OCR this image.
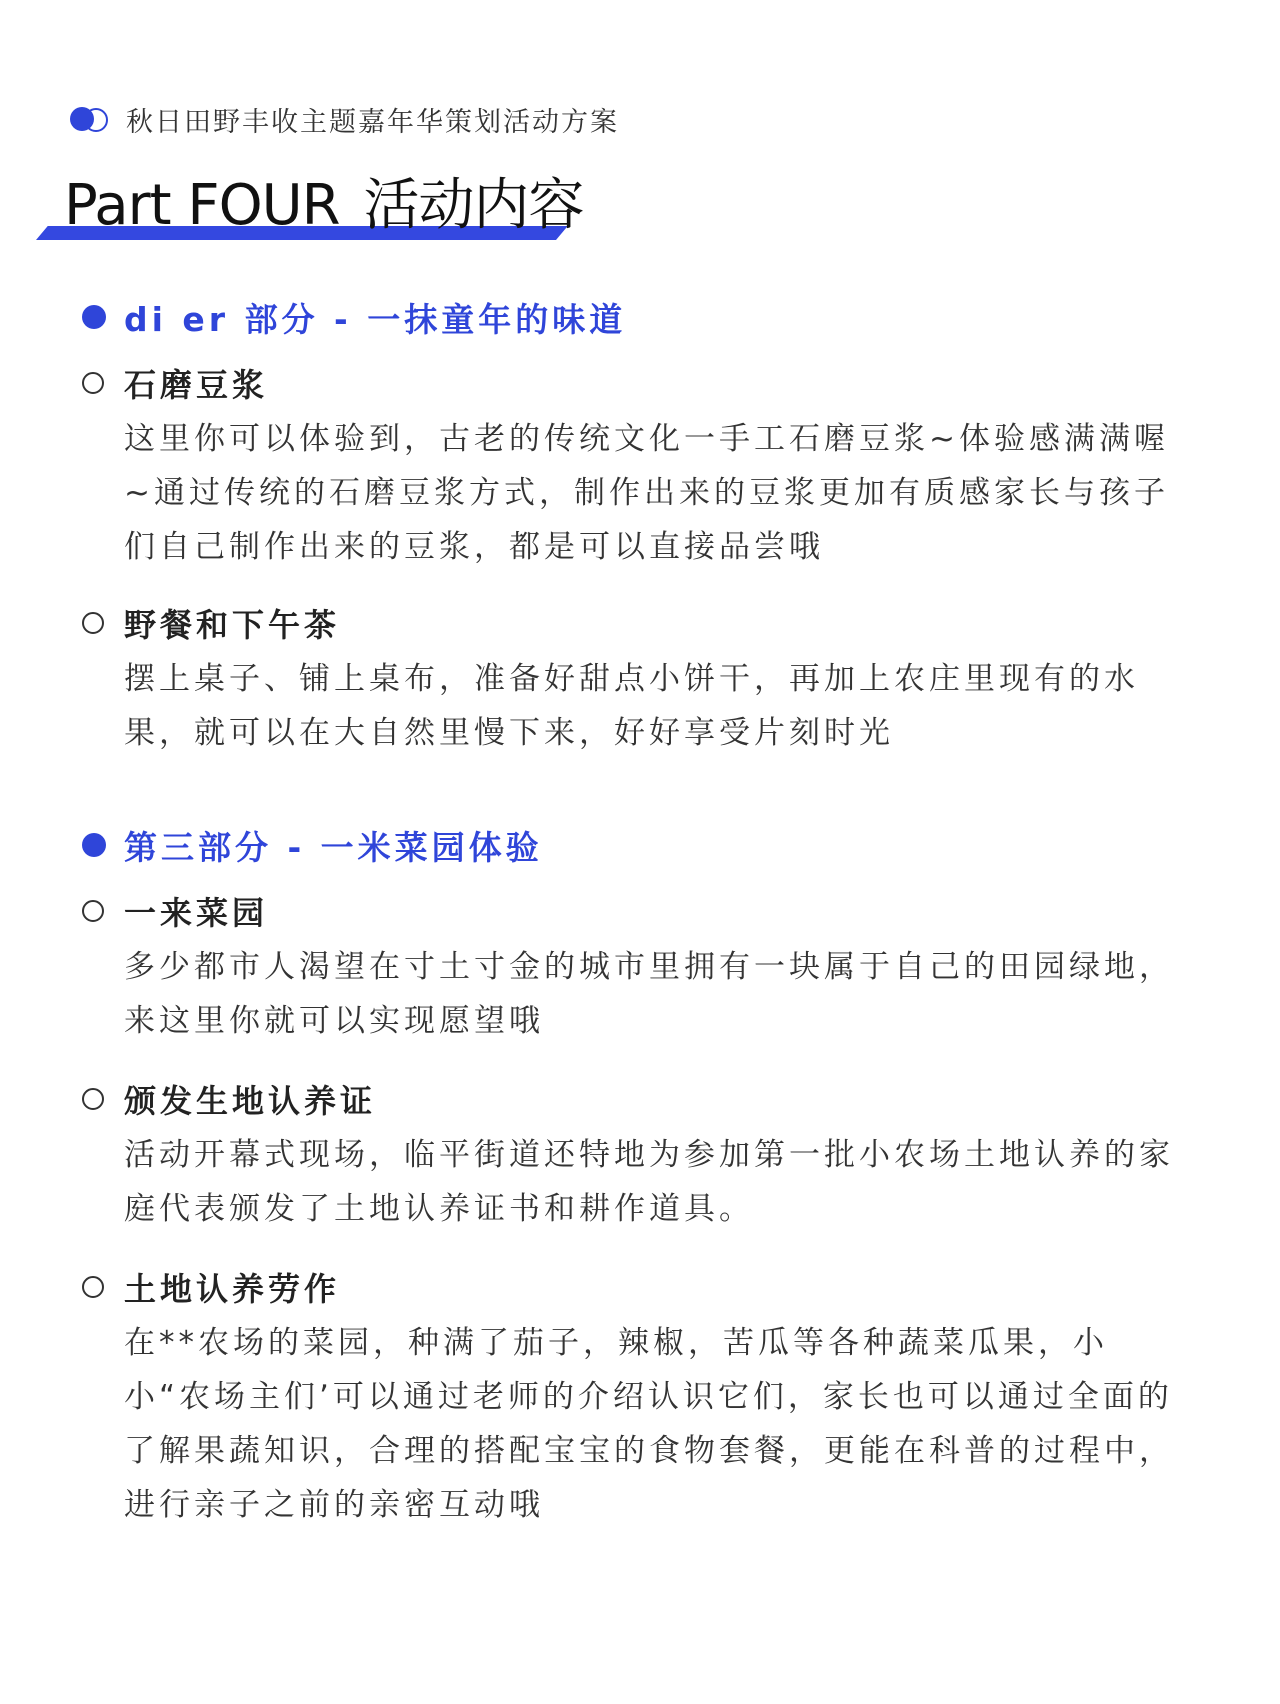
秋日田野丰收主题嘉年华策划活动方案
Part FOUR 活动内容
di er 部分 - 一抹童年的味道
石磨豆浆
这里你可以体验到，古老的传统文化一手工石磨豆浆~体验感满满喔~通过传统的石磨豆浆方式，制作出来的豆浆更加有质感家长与孩子们自己制作出来的豆浆，都是可以直接品尝哦
野餐和下午茶
摆上桌子、铺上桌布，准备好甜点小饼干，再加上农庄里现有的水果，就可以在大自然里慢下来，好好享受片刻时光
第三部分 - 一米菜园体验
一来菜园
多少都市人渴望在寸土寸金的城市里拥有一块属于自己的田园绿地，来这里你就可以实现愿望哦
颁发生地认养证
活动开幕式现场，临平街道还特地为参加第一批小农场土地认养的家庭代表颁发了土地认养证书和耕作道具。
土地认养劳作
在**农场的菜园，种满了茄子，辣椒，苦瓜等各种蔬菜瓜果，小小“农场主们’可以通过老师的介绍认识它们，家长也可以通过全面的了解果蔬知识，合理的搭配宝宝的食物套餐，更能在科普的过程中，进行亲子之前的亲密互动哦
